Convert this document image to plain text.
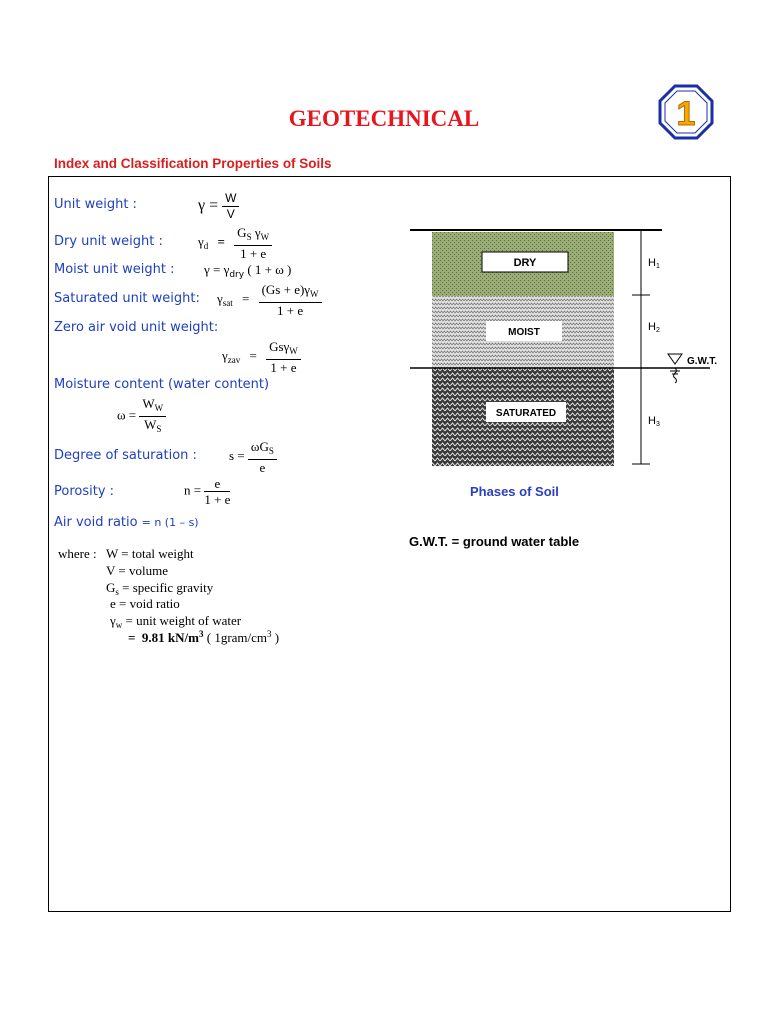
GEOTECHNICAL	1
Index and Classification Properties of Soils
Unit weight :	$\gamma = \frac{W}{V}$
Dry unit weight :	$\gamma_d = \frac{G_S \gamma_W}{1 + e}$
Moist unit weight : $\gamma = \gamma_{dry}$ ( 1 + ω )
Saturated unit weight: $\gamma_{sat} = \frac{(Gs + e)\gamma_W}{1 + e}$
Zero air void unit weight:
$\gamma_{zav} = \frac{Gs\gamma_W}{1 + e}$
Moisture content (water content)
$\omega = \frac{W_W}{W_S}$
Degree of saturation : $s = \frac{\omega G_S}{e}$
Porosity :	$n = \frac{e}{1 + e}$
Air void ratio = n (1 – s)
where : W = total weight
V = volume
$G_s$ = specific gravity
e = void ratio
$\gamma_w$ = unit weight of water
= 9.81 $kN/m^3$ ( $1gram/cm^3$ )
DRY
MOIST
SATURATED
H1
H2
H3
G.W.T.
Phases of Soil
G.W.T. = ground water table
